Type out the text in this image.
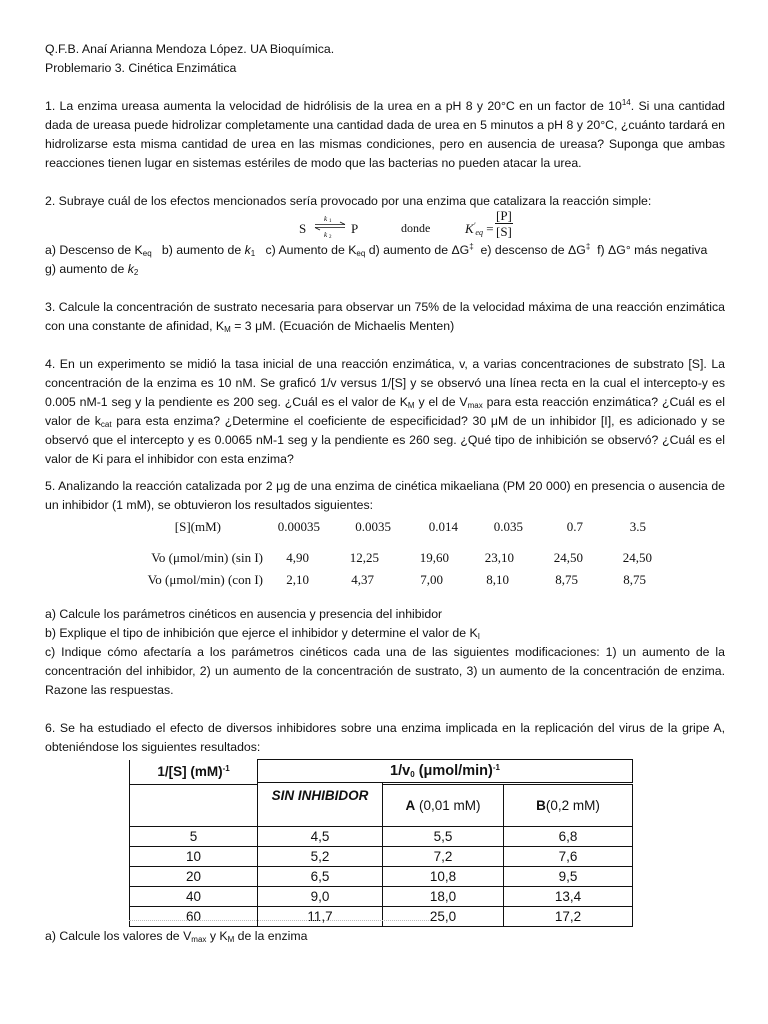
Q.F.B. Anaí Arianna Mendoza López. UA Bioquímica.

Problemario 3. Cinética Enzimática

1. La enzima ureasa aumenta la velocidad de hidrólisis de la urea en a pH 8 y 20°C en un factor de $10^{14}$. Si una cantidad dada de ureasa puede hidrolizar completamente una cantidad dada de urea en 5 minutos a pH 8 y 20°C, ¿cuánto tardará en hidrolizarse esta misma cantidad de urea en las mismas condiciones, pero en ausencia de ureasa? Suponga que ambas reacciones tienen lugar en sistemas estériles de modo que las bacterias no pueden atacar la urea.

2. Subraye cuál de los efectos mencionados sería provocado por una enzima que catalizara la reacción simple:

S
k 1
k 2
P	donde	$K'_{eq} = \frac{[P]}{[S]}$

a) Descenso de $K_{eq}$ b) aumento de $k_1$ c) Aumento de $K_{eq}$ d) aumento de ΔG‡ e) descenso de ΔG‡ f) ΔG° más negativa
g) aumento de $k_2$

3. Calcule la concentración de sustrato necesaria para observar un 75% de la velocidad máxima de una reacción enzimática con una constante de afinidad, $K_M = 3$ μM. (Ecuación de Michaelis Menten)

4. En un experimento se midió la tasa inicial de una reacción enzimática, v, a varias concentraciones de substrato [S]. La concentración de la enzima es 10 nM. Se graficó 1/v versus 1/[S] y se observó una línea recta en la cual el intercepto-y es 0.005 nM-1 seg y la pendiente es 200 seg. ¿Cuál es el valor de $K_M$ y el de $V_{max}$ para esta reacción enzimática? ¿Cuál es el valor de $k_{cat}$ para esta enzima? ¿Determine el coeficiente de especificidad? 30 μM de un inhibidor [I], es adicionado y se observó que el intercepto y es 0.0065 nM-1 seg y la pendiente es 260 seg. ¿Qué tipo de inhibición se observó? ¿Cuál es el valor de Ki para el inhibidor con esta enzima?

5. Analizando la reacción catalizada por 2 μg de una enzima de cinética mikaeliana (PM 20 000) en presencia o ausencia de un inhibidor (1 mM), se obtuvieron los resultados siguientes:

[S](mM)	0.00035	0.0035	0.014	0.035	0.7	3.5
Vo (μmol/min) (sin I)	4,90	12,25	19,60	23,10	24,50	24,50
Vo (μmol/min) (con I)	2,10	4,37	7,00	8,10	8,75	8,75

a) Calcule los parámetros cinéticos en ausencia y presencia del inhibidor

b) Explique el tipo de inhibición que ejerce el inhibidor y determine el valor de $K_I$

c) Indique cómo afectaría a los parámetros cinéticos cada una de las siguientes modificaciones: 1) un aumento de la concentración del inhibidor, 2) un aumento de la concentración de sustrato, 3) un aumento de la concentración de enzima. Razone las respuestas.

6. Se ha estudiado el efecto de diversos inhibidores sobre una enzima implicada en la replicación del virus de la gripe A, obteniéndose los siguientes resultados:

1/[S] (mM)$^{-1}$	$1/v_0$ $(\mu mol/\min)^{-1}$
	SIN INHIBIDOR		
		A (0,01 mM)	B(0,2 mM)
5	4,5	5,5	6,8
10	5,2	7,2	7,6
20	6,5	10,8	9,5
40	9,0	18,0	13,4
60	11,7	25,0	17,2

a) Calcule los valores de $V_{max}$ y $K_M$ de la enzima
